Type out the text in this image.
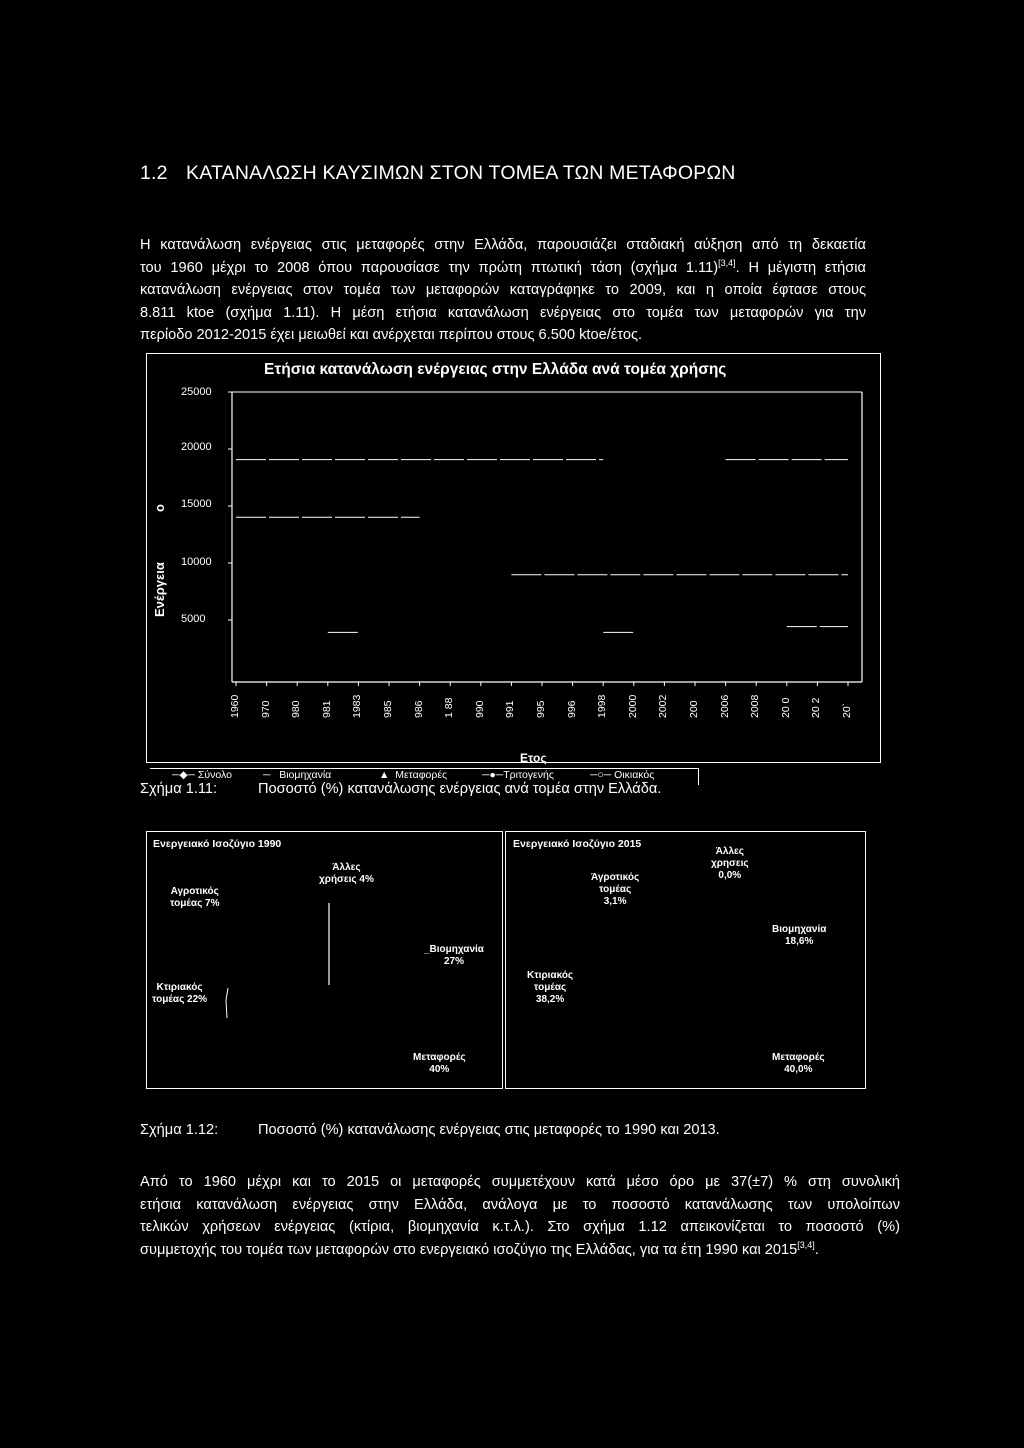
1.2 ΚΑΤΑΝΑΛΩΣΗ ΚΑΥΣΙΜΩΝ ΣΤΟΝ ΤΟΜΕΑ ΤΩΝ ΜΕΤΑΦΟΡΩΝ
Η κατανάλωση ενέργειας στις μεταφορές στην Ελλάδα, παρουσιάζει σταδιακή αύξηση από τη δεκαετία
του 1960 μέχρι το 2008 όπου παρουσίασε την πρώτη πτωτική τάση (σχήμα 1.11)[3,4]. Η μέγιστη ετήσια
κατανάλωση ενέργειας στον τομέα των μεταφορών καταγράφηκε το 2009, και η οποία έφτασε στους
8.811 ktoe (σχήμα 1.11). Η μέση ετήσια κατανάλωση ενέργειας στο τομέα των μεταφορών για την
περίοδο 2012-2015 έχει μειωθεί και ανέρχεται περίπου στους 6.500 ktoe/έτος.
Ετήσια κατανάλωση ενέργειας στην Ελλάδα ανά τομέα χρήσης
25000
20000
15000
10000
5000
Ενέργεια
ο
1960 970 980 981 1983 985 986 1 88 990 991 995 996 1998 2000 2002 200 2006 2008 20 0 20 2 20`
Ετος
─◆─ Σύνολο	─ Βιομηχανία	▲ Μεταφορές	─●─Τριτογενής	─○─ Οικιακός
Σχήμα 1.11:	Ποσοστό (%) κατανάλωσης ενέργειας ανά τομέα στην Ελλάδα.
Ενεργειακό Ισοζύγιο 1990
Άλλες
χρήσεις 4%
Αγροτικός
τομέας 7%
_Βιομηχανία
27%
Κτιριακός
τομέας 22%
Μεταφορές
40%
Ενεργειακό Ισοζύγιο 2015
Άλλες
χρησεις
0,0%
Άγροτικός
τομέας
3,1%
Βιομηχανία
18,6%
Κτιριακός
τομέας
38,2%
Μεταφορές
40,0%
Σχήμα 1.12:	Ποσοστό (%) κατανάλωσης ενέργειας στις μεταφορές το 1990 και 2013.
Από το 1960 μέχρι και το 2015 οι μεταφορές συμμετέχουν κατά μέσο όρο με 37(±7) % στη συνολική
ετήσια κατανάλωση ενέργειας στην Ελλάδα, ανάλογα με το ποσοστό κατανάλωσης των υπολοίπων
τελικών χρήσεων ενέργειας (κτίρια, βιομηχανία κ.τ.λ.). Στο σχήμα 1.12 απεικονίζεται το ποσοστό (%)
συμμετοχής του τομέα των μεταφορών στο ενεργειακό ισοζύγιο της Ελλάδας, για τα έτη 1990 και 2015[3,4].
